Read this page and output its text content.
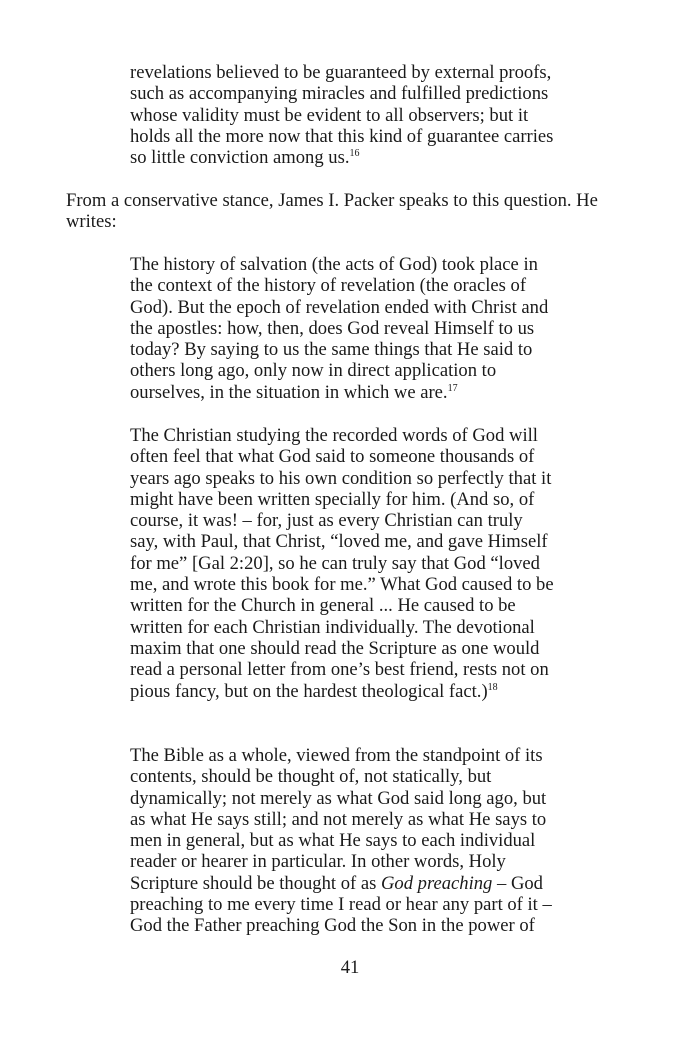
revelations believed to be guaranteed by external proofs,
such as accompanying miracles and fulfilled predictions
whose validity must be evident to all observers; but it
holds all the more now that this kind of guarantee carries
so little conviction among us.$^{16}$
From a conservative stance, James I. Packer speaks to this question. He
writes:
The history of salvation (the acts of God) took place in
the context of the history of revelation (the oracles of
God). But the epoch of revelation ended with Christ and
the apostles: how, then, does God reveal Himself to us
today? By saying to us the same things that He said to
others long ago, only now in direct application to
ourselves, in the situation in which we are.$^{17}$
The Christian studying the recorded words of God will
often feel that what God said to someone thousands of
years ago speaks to his own condition so perfectly that it
might have been written specially for him. (And so, of
course, it was! – for, just as every Christian can truly
say, with Paul, that Christ, “loved me, and gave Himself
for me” [Gal 2:20], so he can truly say that God “loved
me, and wrote this book for me.” What God caused to be
written for the Church in general ... He caused to be
written for each Christian individually. The devotional
maxim that one should read the Scripture as one would
read a personal letter from one’s best friend, rests not on
pious fancy, but on the hardest theological fact.)$^{18}$
The Bible as a whole, viewed from the standpoint of its
contents, should be thought of, not statically, but
dynamically; not merely as what God said long ago, but
as what He says still; and not merely as what He says to
men in general, but as what He says to each individual
reader or hearer in particular. In other words, Holy
Scripture should be thought of as God preaching – God
preaching to me every time I read or hear any part of it –
God the Father preaching God the Son in the power of
41
